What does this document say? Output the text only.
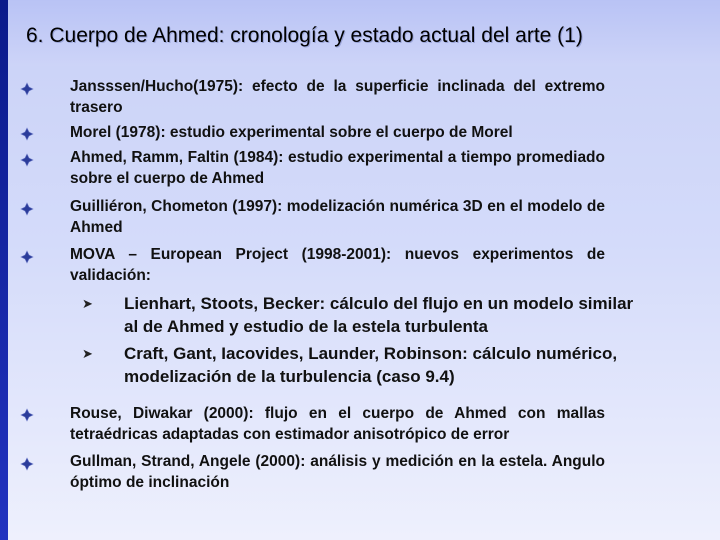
6. Cuerpo de Ahmed: cronología y estado actual del arte (1)
Jansssen/Hucho(1975): efecto de la superficie inclinada del extremo trasero
Morel (1978): estudio experimental sobre el cuerpo de Morel
Ahmed, Ramm, Faltin (1984): estudio experimental a tiempo promediado sobre el cuerpo de Ahmed
Guilliéron, Chometon (1997): modelización numérica 3D en el modelo de Ahmed
MOVA – European Project (1998-2001): nuevos experimentos de validación:
➤ Lienhart, Stoots, Becker: cálculo del flujo en un modelo similar al de Ahmed y estudio de la estela turbulenta
➤ Craft, Gant, Iacovides, Launder, Robinson: cálculo numérico, modelización de la turbulencia (caso 9.4)
Rouse, Diwakar (2000): flujo en el cuerpo de Ahmed con mallas tetraédricas adaptadas con estimador anisotrópico de error
Gullman, Strand, Angele (2000): análisis y medición en la estela. Angulo óptimo de inclinación
